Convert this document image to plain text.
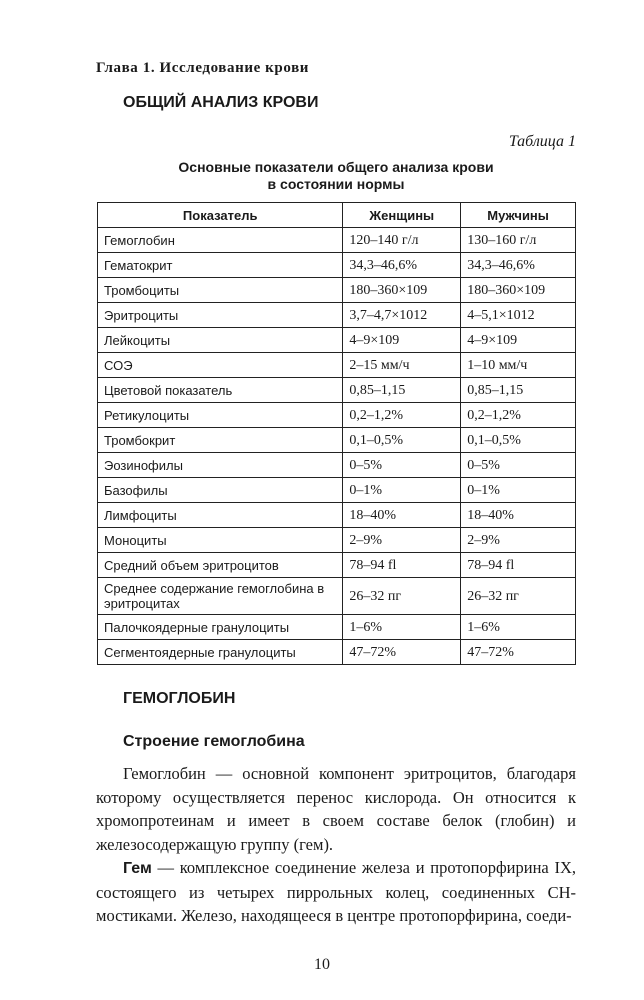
Глава 1. Исследование крови
ОБЩИЙ АНАЛИЗ КРОВИ
Таблица 1
Основные показатели общего анализа крови
в состоянии нормы
Показатель	Женщины	Мужчины
Гемоглобин	120–140 г/л	130–160 г/л
Гематокрит	34,3–46,6%	34,3–46,6%
Тромбоциты	180–360×109	180–360×109
Эритроциты	3,7–4,7×1012	4–5,1×1012
Лейкоциты	4–9×109	4–9×109
СОЭ	2–15 мм/ч	1–10 мм/ч
Цветовой показатель	0,85–1,15	0,85–1,15
Ретикулоциты	0,2–1,2%	0,2–1,2%
Тромбокрит	0,1–0,5%	0,1–0,5%
Эозинофилы	0–5%	0–5%
Базофилы	0–1%	0–1%
Лимфоциты	18–40%	18–40%
Моноциты	2–9%	2–9%
Средний объем эритроцитов	78–94 fl	78–94 fl
Среднее содержание гемоглобина в эритроцитах	26–32 пг	26–32 пг
Палочкоядерные гранулоциты	1–6%	1–6%
Сегментоядерные гранулоциты	47–72%	47–72%
ГЕМОГЛОБИН
Строение гемоглобина

Гемоглобин — основной компонент эритроцитов, благодаря которому осуществляется перенос кислорода. Он относится к хромопротеинам и имеет в своем составе белок (глобин) и железосодержащую группу (гем).

Гем — комплексное соединение железа и протопорфирина IX, состоящего из четырех пиррольных колец, соединенных CH-мостиками. Железо, находящееся в центре протопорфирина, соеди-

10
